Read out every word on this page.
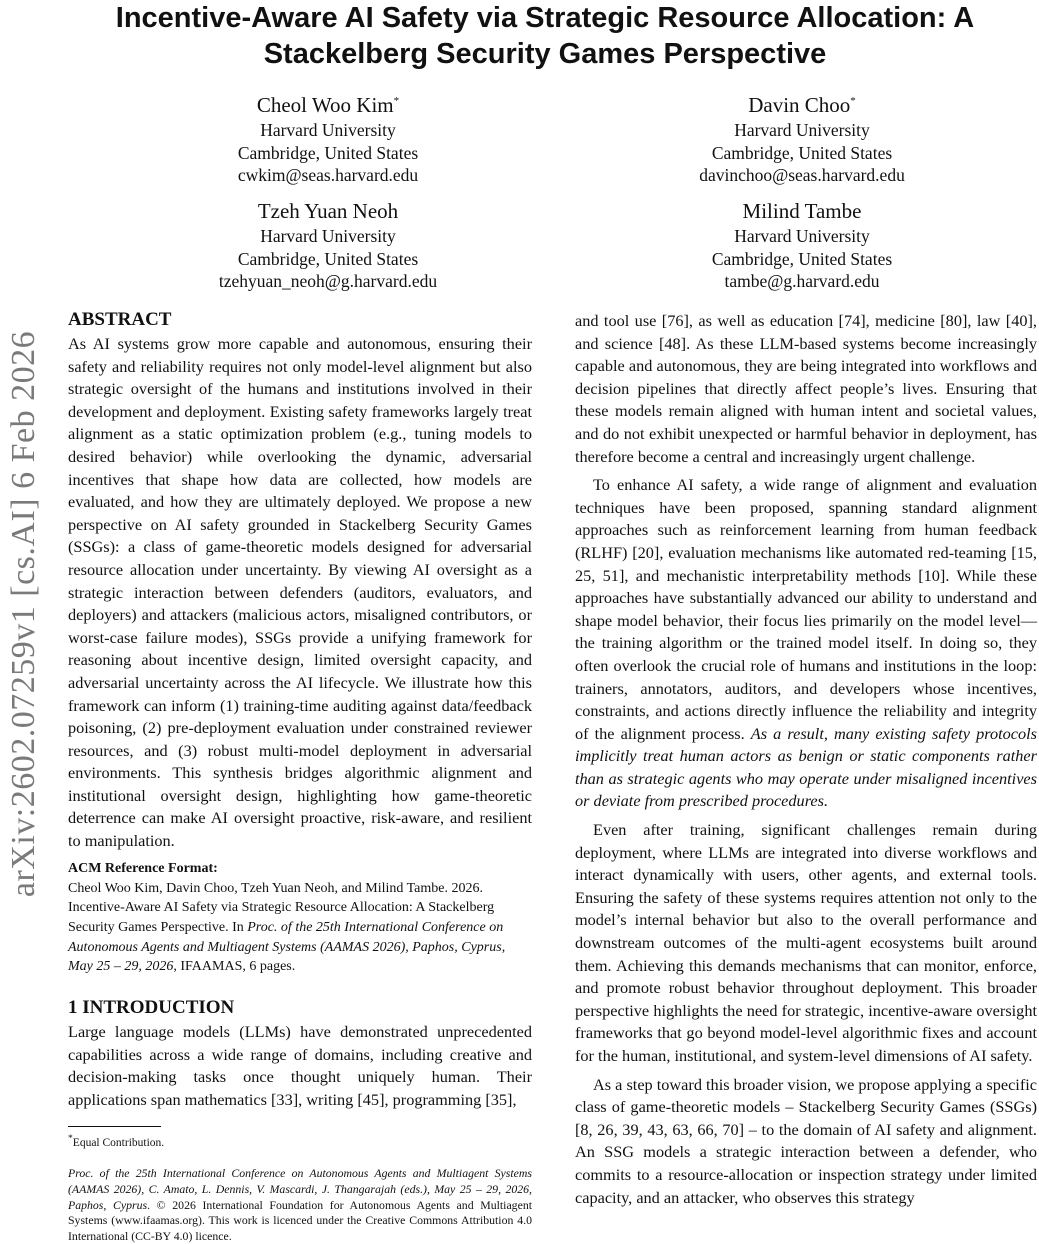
arXiv:2602.07259v1 [cs.AI] 6 Feb 2026
Incentive-Aware AI Safety via Strategic Resource Allocation: A Stackelberg Security Games Perspective
Cheol Woo Kim*
Harvard University
Cambridge, United States
cwkim@seas.harvard.edu
Davin Choo*
Harvard University
Cambridge, United States
davinchoo@seas.harvard.edu
Tzeh Yuan Neoh
Harvard University
Cambridge, United States
tzehyuan_neoh@g.harvard.edu
Milind Tambe
Harvard University
Cambridge, United States
tambe@g.harvard.edu
ABSTRACT

As AI systems grow more capable and autonomous, ensuring their safety and reliability requires not only model-level alignment but also strategic oversight of the humans and institutions involved in their development and deployment. Existing safety frameworks largely treat alignment as a static optimization problem (e.g., tuning models to desired behavior) while overlooking the dynamic, adversarial incentives that shape how data are collected, how models are evaluated, and how they are ultimately deployed. We propose a new perspective on AI safety grounded in Stackelberg Security Games (SSGs): a class of game-theoretic models designed for adversarial resource allocation under uncertainty. By viewing AI oversight as a strategic interaction between defenders (auditors, evaluators, and deployers) and attackers (malicious actors, misaligned contributors, or worst-case failure modes), SSGs provide a unifying framework for reasoning about incentive design, limited oversight capacity, and adversarial uncertainty across the AI lifecycle. We illustrate how this framework can inform (1) training-time auditing against data/feedback poisoning, (2) pre-deployment evaluation under constrained reviewer resources, and (3) robust multi-model deployment in adversarial environments. This synthesis bridges algorithmic alignment and institutional oversight design, highlighting how game-theoretic deterrence can make AI oversight proactive, risk-aware, and resilient to manipulation.

ACM Reference Format:
Cheol Woo Kim, Davin Choo, Tzeh Yuan Neoh, and Milind Tambe. 2026. Incentive-Aware AI Safety via Strategic Resource Allocation: A Stackelberg Security Games Perspective. In Proc. of the 25th International Conference on Autonomous Agents and Multiagent Systems (AAMAS 2026), Paphos, Cyprus, May 25 – 29, 2026, IFAAMAS, 6 pages.
1 INTRODUCTION

Large language models (LLMs) have demonstrated unprecedented capabilities across a wide range of domains, including creative and decision-making tasks once thought uniquely human. Their applications span mathematics [33], writing [45], programming [35],

*Equal Contribution.
Proc. of the 25th International Conference on Autonomous Agents and Multiagent Systems (AAMAS 2026), C. Amato, L. Dennis, V. Mascardi, J. Thangarajah (eds.), May 25 – 29, 2026, Paphos, Cyprus. © 2026 International Foundation for Autonomous Agents and Multiagent Systems (www.ifaamas.org). This work is licenced under the Creative Commons Attribution 4.0 International (CC-BY 4.0) licence.

and tool use [76], as well as education [74], medicine [80], law [40], and science [48]. As these LLM-based systems become increasingly capable and autonomous, they are being integrated into workflows and decision pipelines that directly affect people’s lives. Ensuring that these models remain aligned with human intent and societal values, and do not exhibit unexpected or harmful behavior in deployment, has therefore become a central and increasingly urgent challenge.

To enhance AI safety, a wide range of alignment and evaluation techniques have been proposed, spanning standard alignment approaches such as reinforcement learning from human feedback (RLHF) [20], evaluation mechanisms like automated red-teaming [15, 25, 51], and mechanistic interpretability methods [10]. While these approaches have substantially advanced our ability to understand and shape model behavior, their focus lies primarily on the model level—the training algorithm or the trained model itself. In doing so, they often overlook the crucial role of humans and institutions in the loop: trainers, annotators, auditors, and developers whose incentives, constraints, and actions directly influence the reliability and integrity of the alignment process. As a result, many existing safety protocols implicitly treat human actors as benign or static components rather than as strategic agents who may operate under misaligned incentives or deviate from prescribed procedures.

Even after training, significant challenges remain during deployment, where LLMs are integrated into diverse workflows and interact dynamically with users, other agents, and external tools. Ensuring the safety of these systems requires attention not only to the model’s internal behavior but also to the overall performance and downstream outcomes of the multi-agent ecosystems built around them. Achieving this demands mechanisms that can monitor, enforce, and promote robust behavior throughout deployment. This broader perspective highlights the need for strategic, incentive-aware oversight frameworks that go beyond model-level algorithmic fixes and account for the human, institutional, and system-level dimensions of AI safety.

As a step toward this broader vision, we propose applying a specific class of game-theoretic models – Stackelberg Security Games (SSGs) [8, 26, 39, 43, 63, 66, 70] – to the domain of AI safety and alignment. An SSG models a strategic interaction between a defender, who commits to a resource-allocation or inspection strategy under limited capacity, and an attacker, who observes this strategy
